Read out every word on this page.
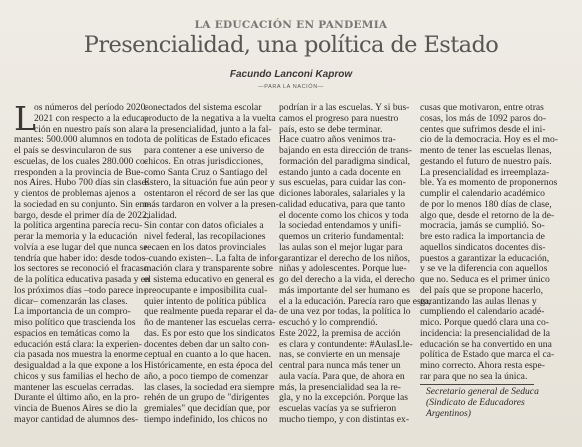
LA EDUCACIÓN EN PANDEMIA
Presencialidad, una política de Estado
Facundo Lanconi Kaprow
—PARA LA NACIÓN—
L
os números del período 2020-
2021 con respecto a la educa-
ción en nuestro país son alar-
mantes: 500.000 alumnos en todo
el país se desvincularon de sus
escuelas, de los cuales 280.000 co-
rresponden a la provincia de Bue-
nos Aires. Hubo 700 días sin clases
y cientos de problemas ajenos a
la sociedad en su conjunto. Sin em-
bargo, desde el primer día de 2022,
la política argentina parecía recu-
perar la memoria y la educación
volvía a ese lugar del que nunca se
tendría que haber ido: desde todos
los sectores se reconoció el fracaso
de la política educativa pasada y en
los próximos días –todo parece in-
dicar– comenzarán las clases.
La importancia de un compro-
miso político que trascienda los
espacios en temáticas como la
educación está clara: la experien-
cia pasada nos muestra la enorme
desigualdad a la que expone a los
chicos y sus familias el hecho de
mantener las escuelas cerradas.
Durante el último año, en la pro-
vincia de Buenos Aires se dio la
mayor cantidad de alumnos des-
conectados del sistema escolar
producto de la negativa a la vuelta
a la presencialidad, junto a la fal-
ta de políticas de Estado eficaces
para contener a ese universo de
chicos. En otras jurisdicciones,
como Santa Cruz o Santiago del
Estero, la situación fue aún peor y
ostentaron el récord de ser las que
más tardaron en volver a la presen-
cialidad.
Sin contar con datos oficiales a
nivel federal, las recopilaciones
recaen en los datos provinciales
–cuando existen–. La falta de infor-
mación clara y transparente sobre
el sistema educativo en general es
preocupante e imposibilita cual-
quier intento de política pública
que realmente pueda reparar el da-
ño de mantener las escuelas cerra-
das. Es por esto que los sindicatos
docentes deben dar un salto con-
ceptual en cuanto a lo que hacen.
Históricamente, en esta época del
año, a poco tiempo de comenzar
las clases, la sociedad era siempre
rehén de un grupo de "dirigentes
gremiales" que decidían que, por
tiempo indefinido, los chicos no
podrían ir a las escuelas. Y si bus-
camos el progreso para nuestro
país, esto se debe terminar.
Hace cuatro años venimos tra-
bajando en esta dirección de trans-
formación del paradigma sindical,
estando junto a cada docente en
sus escuelas, para cuidar las con-
diciones laborales, salariales y la
calidad educativa, para que tanto
el docente como los chicos y toda
la sociedad entendamos y unifi-
quemos un criterio fundamental:
las aulas son el mejor lugar para
garantizar el derecho de los niños,
niñas y adolescentes. Porque lue-
go del derecho a la vida, el derecho
más importante del ser humano es
el a la educación. Parecía raro que esto,
de una vez por todas, la política lo
escuchó y lo comprendió.
Este 2022, la premisa de acción
es clara y contundente: #AulasLle-
nas, se convierte en un mensaje
central para nunca más tener un
aula vacía. Para que, de ahora en
más, la presencialidad sea la re-
gla, y no la excepción. Porque las
escuelas vacías ya se sufrieron
mucho tiempo, y con distintas ex-
cusas que motivaron, entre otras
cosas, los más de 1092 paros do-
centes que sufrimos desde el ini-
cio de la democracia. Hoy es el mo-
mento de tener las escuelas llenas,
gestando el futuro de nuestro país.
La presencialidad es irreemplaza-
ble. Ya es momento de proponernos
cumplir el calendario académico
de por lo menos 180 días de clase,
algo que, desde el retorno de la de-
mocracia, jamás se cumplió. So-
bre esto radica la importancia de
aquellos sindicatos docentes dis-
puestos a garantizar la educación,
y se ve la diferencia con aquellos
que no. Seduca es el primer único
del país que se propone hacerlo,
garantizando las aulas llenas y
cumpliendo el calendario acadé-
mico. Porque quedó clara una co-
incidencia: la presencialidad de la
educación se ha convertido en una
política de Estado que marca el ca-
mino correcto. Ahora resta espe-
rar para que no sea la única.
Secretario general de Seduca
(Sindicato de Educadores
Argentinos)
